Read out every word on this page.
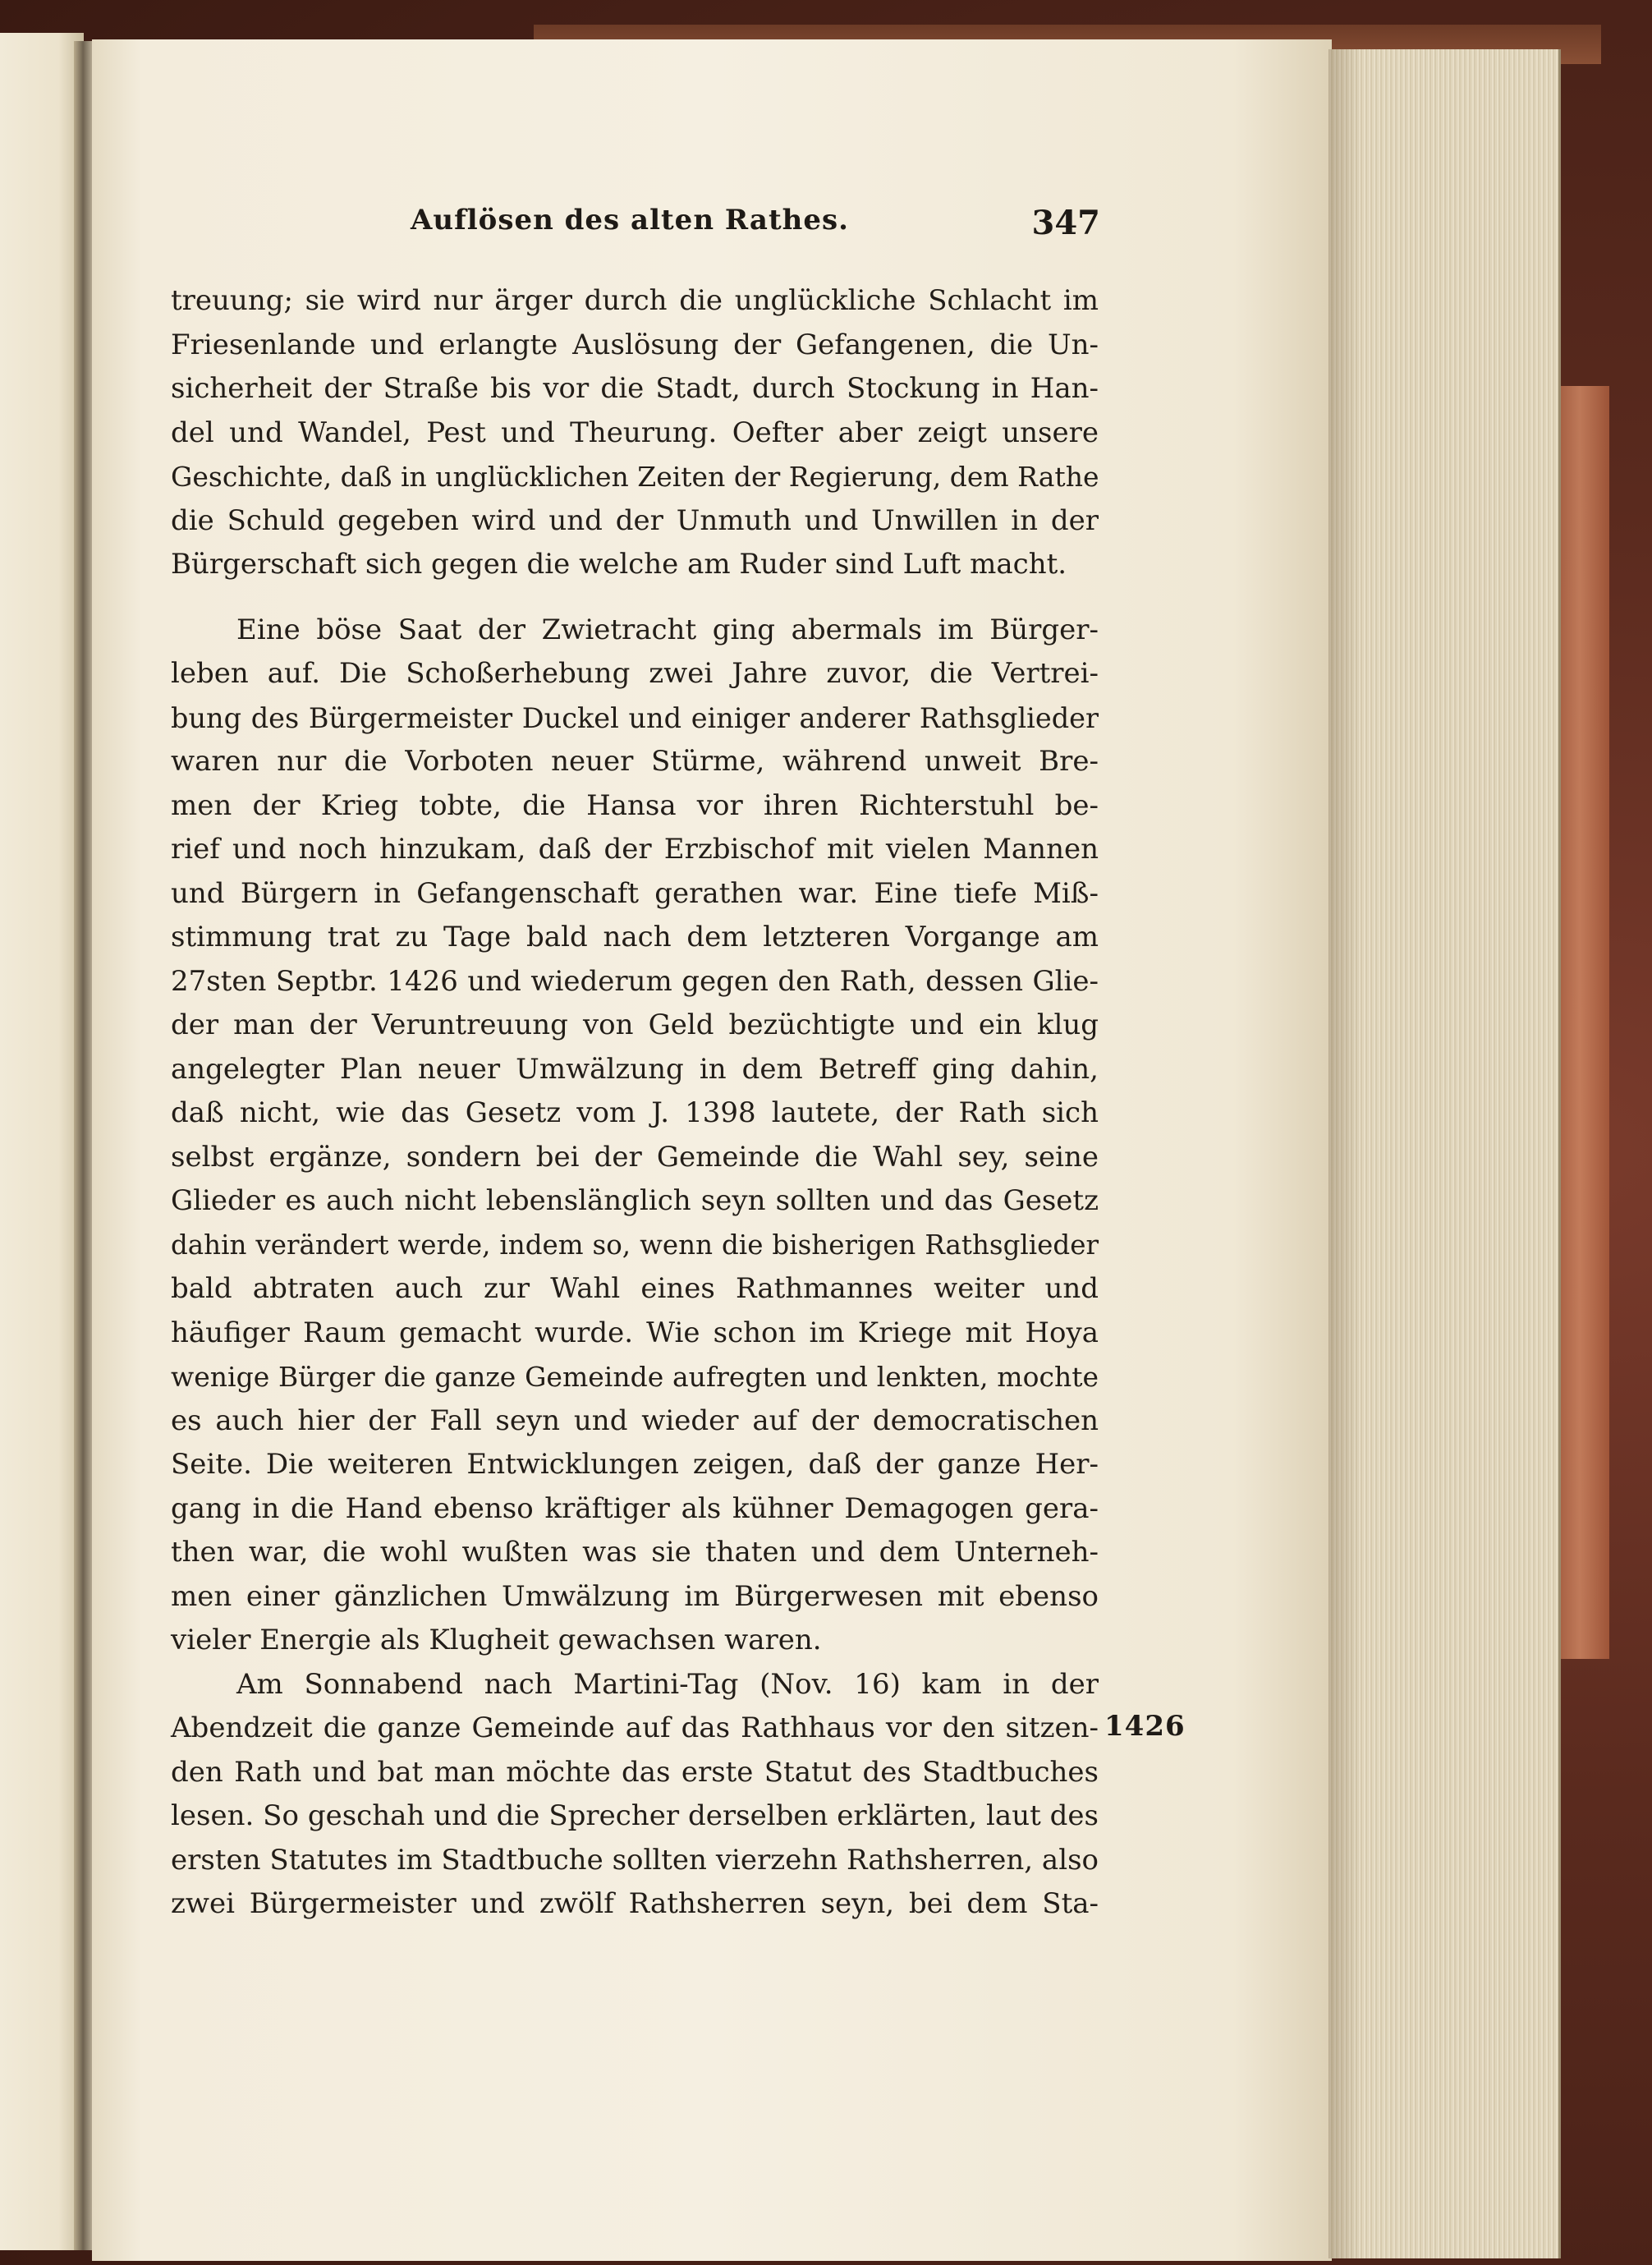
Auflösen des alten Rathes.	347

treuung; sie wird nur ärger durch die unglückliche Schlacht im

Friesenlande und erlangte Auslösung der Gefangenen, die Un-

sicherheit der Straße bis vor die Stadt, durch Stockung in Han-

del und Wandel, Pest und Theurung. Oefter aber zeigt unsere

Geschichte, daß in unglücklichen Zeiten der Regierung, dem Rathe

die Schuld gegeben wird und der Unmuth und Unwillen in der

Bürgerschaft sich gegen die welche am Ruder sind Luft macht.

Eine böse Saat der Zwietracht ging abermals im Bürger-

leben auf. Die Schoßerhebung zwei Jahre zuvor, die Vertrei-

bung des Bürgermeister Duckel und einiger anderer Rathsglieder

waren nur die Vorboten neuer Stürme, während unweit Bre-

men der Krieg tobte, die Hansa vor ihren Richterstuhl be-

rief und noch hinzukam, daß der Erzbischof mit vielen Mannen

und Bürgern in Gefangenschaft gerathen war. Eine tiefe Miß-

stimmung trat zu Tage bald nach dem letzteren Vorgange am

27sten Septbr. 1426 und wiederum gegen den Rath, dessen Glie-

der man der Veruntreuung von Geld bezüchtigte und ein klug

angelegter Plan neuer Umwälzung in dem Betreff ging dahin,

daß nicht, wie das Gesetz vom J. 1398 lautete, der Rath sich

selbst ergänze, sondern bei der Gemeinde die Wahl sey, seine

Glieder es auch nicht lebenslänglich seyn sollten und das Gesetz

dahin verändert werde, indem so, wenn die bisherigen Rathsglieder

bald abtraten auch zur Wahl eines Rathmannes weiter und

häufiger Raum gemacht wurde. Wie schon im Kriege mit Hoya

wenige Bürger die ganze Gemeinde aufregten und lenkten, mochte

es auch hier der Fall seyn und wieder auf der democratischen

Seite. Die weiteren Entwicklungen zeigen, daß der ganze Her-

gang in die Hand ebenso kräftiger als kühner Demagogen gera-

then war, die wohl wußten was sie thaten und dem Unterneh-

men einer gänzlichen Umwälzung im Bürgerwesen mit ebenso

vieler Energie als Klugheit gewachsen waren.

Am Sonnabend nach Martini-Tag (Nov. 16) kam in der

Abendzeit die ganze Gemeinde auf das Rathhaus vor den sitzen-

den Rath und bat man möchte das erste Statut des Stadtbuches

lesen. So geschah und die Sprecher derselben erklärten, laut des

ersten Statutes im Stadtbuche sollten vierzehn Rathsherren, also

zwei Bürgermeister und zwölf Rathsherren seyn, bei dem Sta-

1426
